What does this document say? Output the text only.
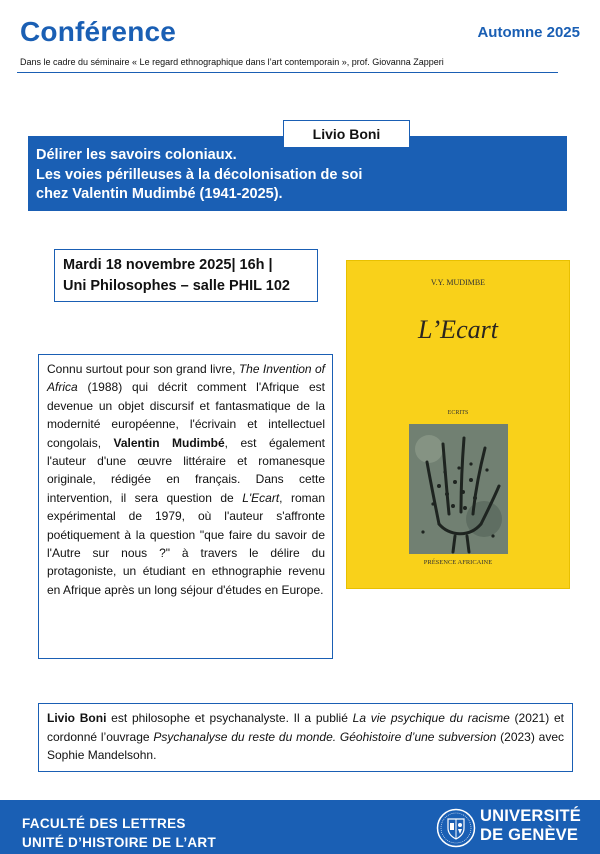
Conférence	Automne 2025
Dans le cadre du séminaire « Le regard ethnographique dans l’art contemporain », prof. Giovanna Zapperi
Délirer les savoirs coloniaux.
Les voies périlleuses à la décolonisation de soi
chez Valentin Mudimbé (1941-2025).
Livio Boni
Mardi 18 novembre 2025| 16h |
Uni Philosophes – salle PHIL 102	V.Y. MUDIMBE
L’Ecart
ECRITS
PRÉSENCE AFRICAINE
Connu surtout pour son grand livre, The Invention of Africa (1988) qui décrit comment l'Afrique est devenue un objet discursif et fantasmatique de la modernité européenne, l'écrivain et intellectuel congolais, Valentin Mudimbé, est également l'auteur d'une œuvre littéraire et romanesque originale, rédigée en français. Dans cette intervention, il sera question de L'Ecart, roman expérimental de 1979, où l'auteur s'affronte poétiquement à la question "que faire du savoir de l'Autre sur nous ?" à travers le délire du protagoniste, un étudiant en ethnographie revenu en Afrique après un long séjour d'études en Europe.
Livio Boni est philosophe et psychanalyste. Il a publié La vie psychique du racisme (2021) et cordonné l’ouvrage Psychanalyse du reste du monde. Géohistoire d’une subversion (2023) avec Sophie Mandelsohn.
FACULTÉ DES LETTRES
UNITÉ D’HISTOIRE DE L’ART
UNIVERSITÉ
DE GENÈVE
